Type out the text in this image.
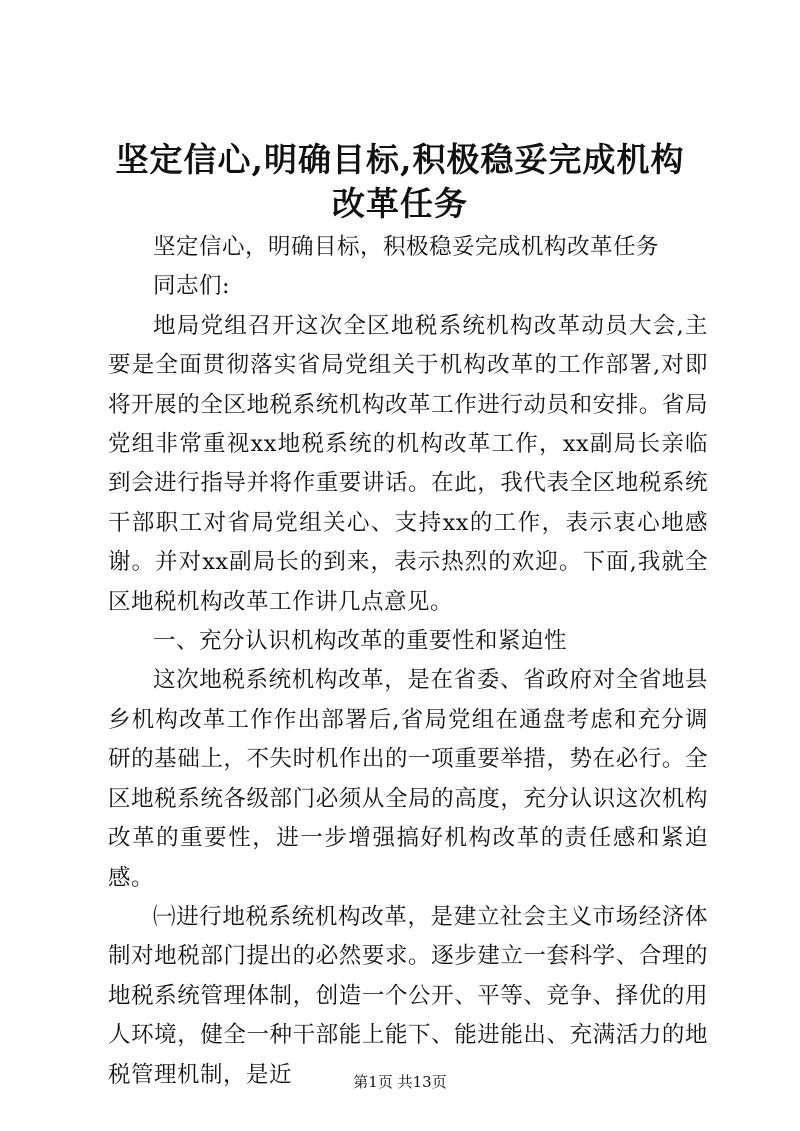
坚定信心,明确目标,积极稳妥完成机构改革任务

坚定信心，明确目标，积极稳妥完成机构改革任务

同志们:

地局党组召开这次全区地税系统机构改革动员大会,主要是全面贯彻落实省局党组关于机构改革的工作部署,对即将开展的全区地税系统机构改革工作进行动员和安排。省局党组非常重视xx地税系统的机构改革工作，xx副局长亲临到会进行指导并将作重要讲话。在此，我代表全区地税系统干部职工对省局党组关心、支持xx的工作，表示衷心地感谢。并对xx副局长的到来，表示热烈的欢迎。下面,我就全区地税机构改革工作讲几点意见。

一、充分认识机构改革的重要性和紧迫性

这次地税系统机构改革，是在省委、省政府对全省地县乡机构改革工作作出部署后,省局党组在通盘考虑和充分调研的基础上，不失时机作出的一项重要举措，势在必行。全区地税系统各级部门必须从全局的高度，充分认识这次机构改革的重要性，进一步增强搞好机构改革的责任感和紧迫感。

㈠进行地税系统机构改革，是建立社会主义市场经济体制对地税部门提出的必然要求。逐步建立一套科学、合理的地税系统管理体制，创造一个公开、平等、竞争、择优的用人环境，健全一种干部能上能下、能进能出、充满活力的地税管理机制，是近	第1页 共13页
